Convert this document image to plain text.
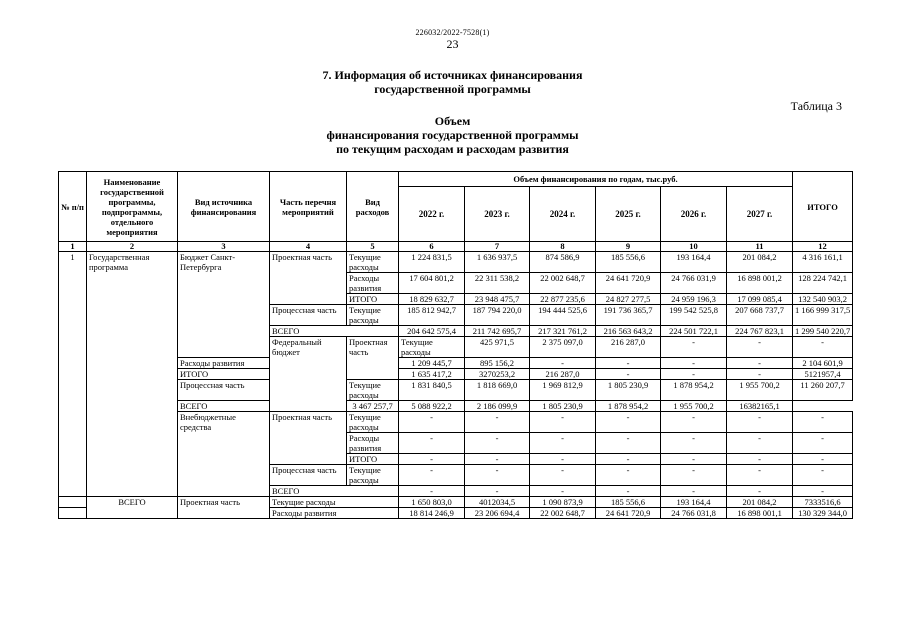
226032/2022-7528(1)
23
7. Информация об источниках финансирования
государственной программы
Таблица 3
Объем
финансирования государственной программы
по текущим расходам и расходам развития
№ п/п	Наименование государственной программы, подпрограммы, отдельного мероприятия	Вид источника финансирования	Часть перечня мероприятий	Вид расходов	Объем финансирования по годам, тыс.руб.						ИТОГО	
					2022 г.	2023 г.	2024 г.	2025 г.	2026 г.	2027 г.		
1	2	3	4	5	6	7	8	9	10	11	12	
1	Государственная программа	Бюджет Санкт-Петербурга	Проектная часть	Текущие расходы	1 224 831,5	1 636 937,5	874 586,9	185 556,6	193 164,4	201 084,2	4 316 161,1	
				Расходы развития	17 604 801,2	22 311 538,2	22 002 648,7	24 641 720,9	24 766 031,9	16 898 001,2	128 224 742,1	
				ИТОГО	18 829 632,7	23 948 475,7	22 877 235,6	24 827 277,5	24 959 196,3	17 099 085,4	132 540 903,2	
			Процессная часть	Текущие расходы	185 812 942,7	187 794 220,0	194 444 525,6	191 736 365,7	199 542 525,8	207 668 737,7	1 166 999 317,5	
			ВСЕГО		204 642 575,4	211 742 695,7	217 321 761,2	216 563 643,2	224 501 722,1	224 767 823,1	1 299 540 220,7	
			Федеральный бюджет	Проектная часть	Текущие расходы	425 971,5	2 375 097,0	216 287,0	-	-	-	
		Расходы развития			1 209 445,7	895 156,2	-	-	-	-	2 104 601,9	
		ИТОГО			1 635 417,2	3270253,2	216 287,0	-	-	-	5121957,4	
		Процессная часть		Текущие расходы	1 831 840,5	1 818 669,0	1 969 812,9	1 805 230,9	1 878 954,2	1 955 700,2	11 260 207,7	
		ВСЕГО		3 467 257,7	5 088 922,2	2 186 099,9	1 805 230,9	1 878 954,2	1 955 700,2	16382165,1		
		Внебюджетные средства	Проектная часть	Текущие расходы	-	-	-	-	-	-	-	
				Расходы развития	-	-	-	-	-	-	-	
				ИТОГО	-	-	-	-	-	-	-	
			Процессная часть	Текущие расходы	-	-	-	-	-	-	-	
			ВСЕГО		-	-	-	-	-	-	-	
	ВСЕГО	Проектная часть	Текущие расходы		1 650 803,0	4012034,5	1 090 873,9	185 556,6	193 164,4	201 084,2	7333516,6	
			Расходы развития		18 814 246,9	23 206 694,4	22 002 648,7	24 641 720,9	24 766 031,8	16 898 001,1	130 329 344,0	
